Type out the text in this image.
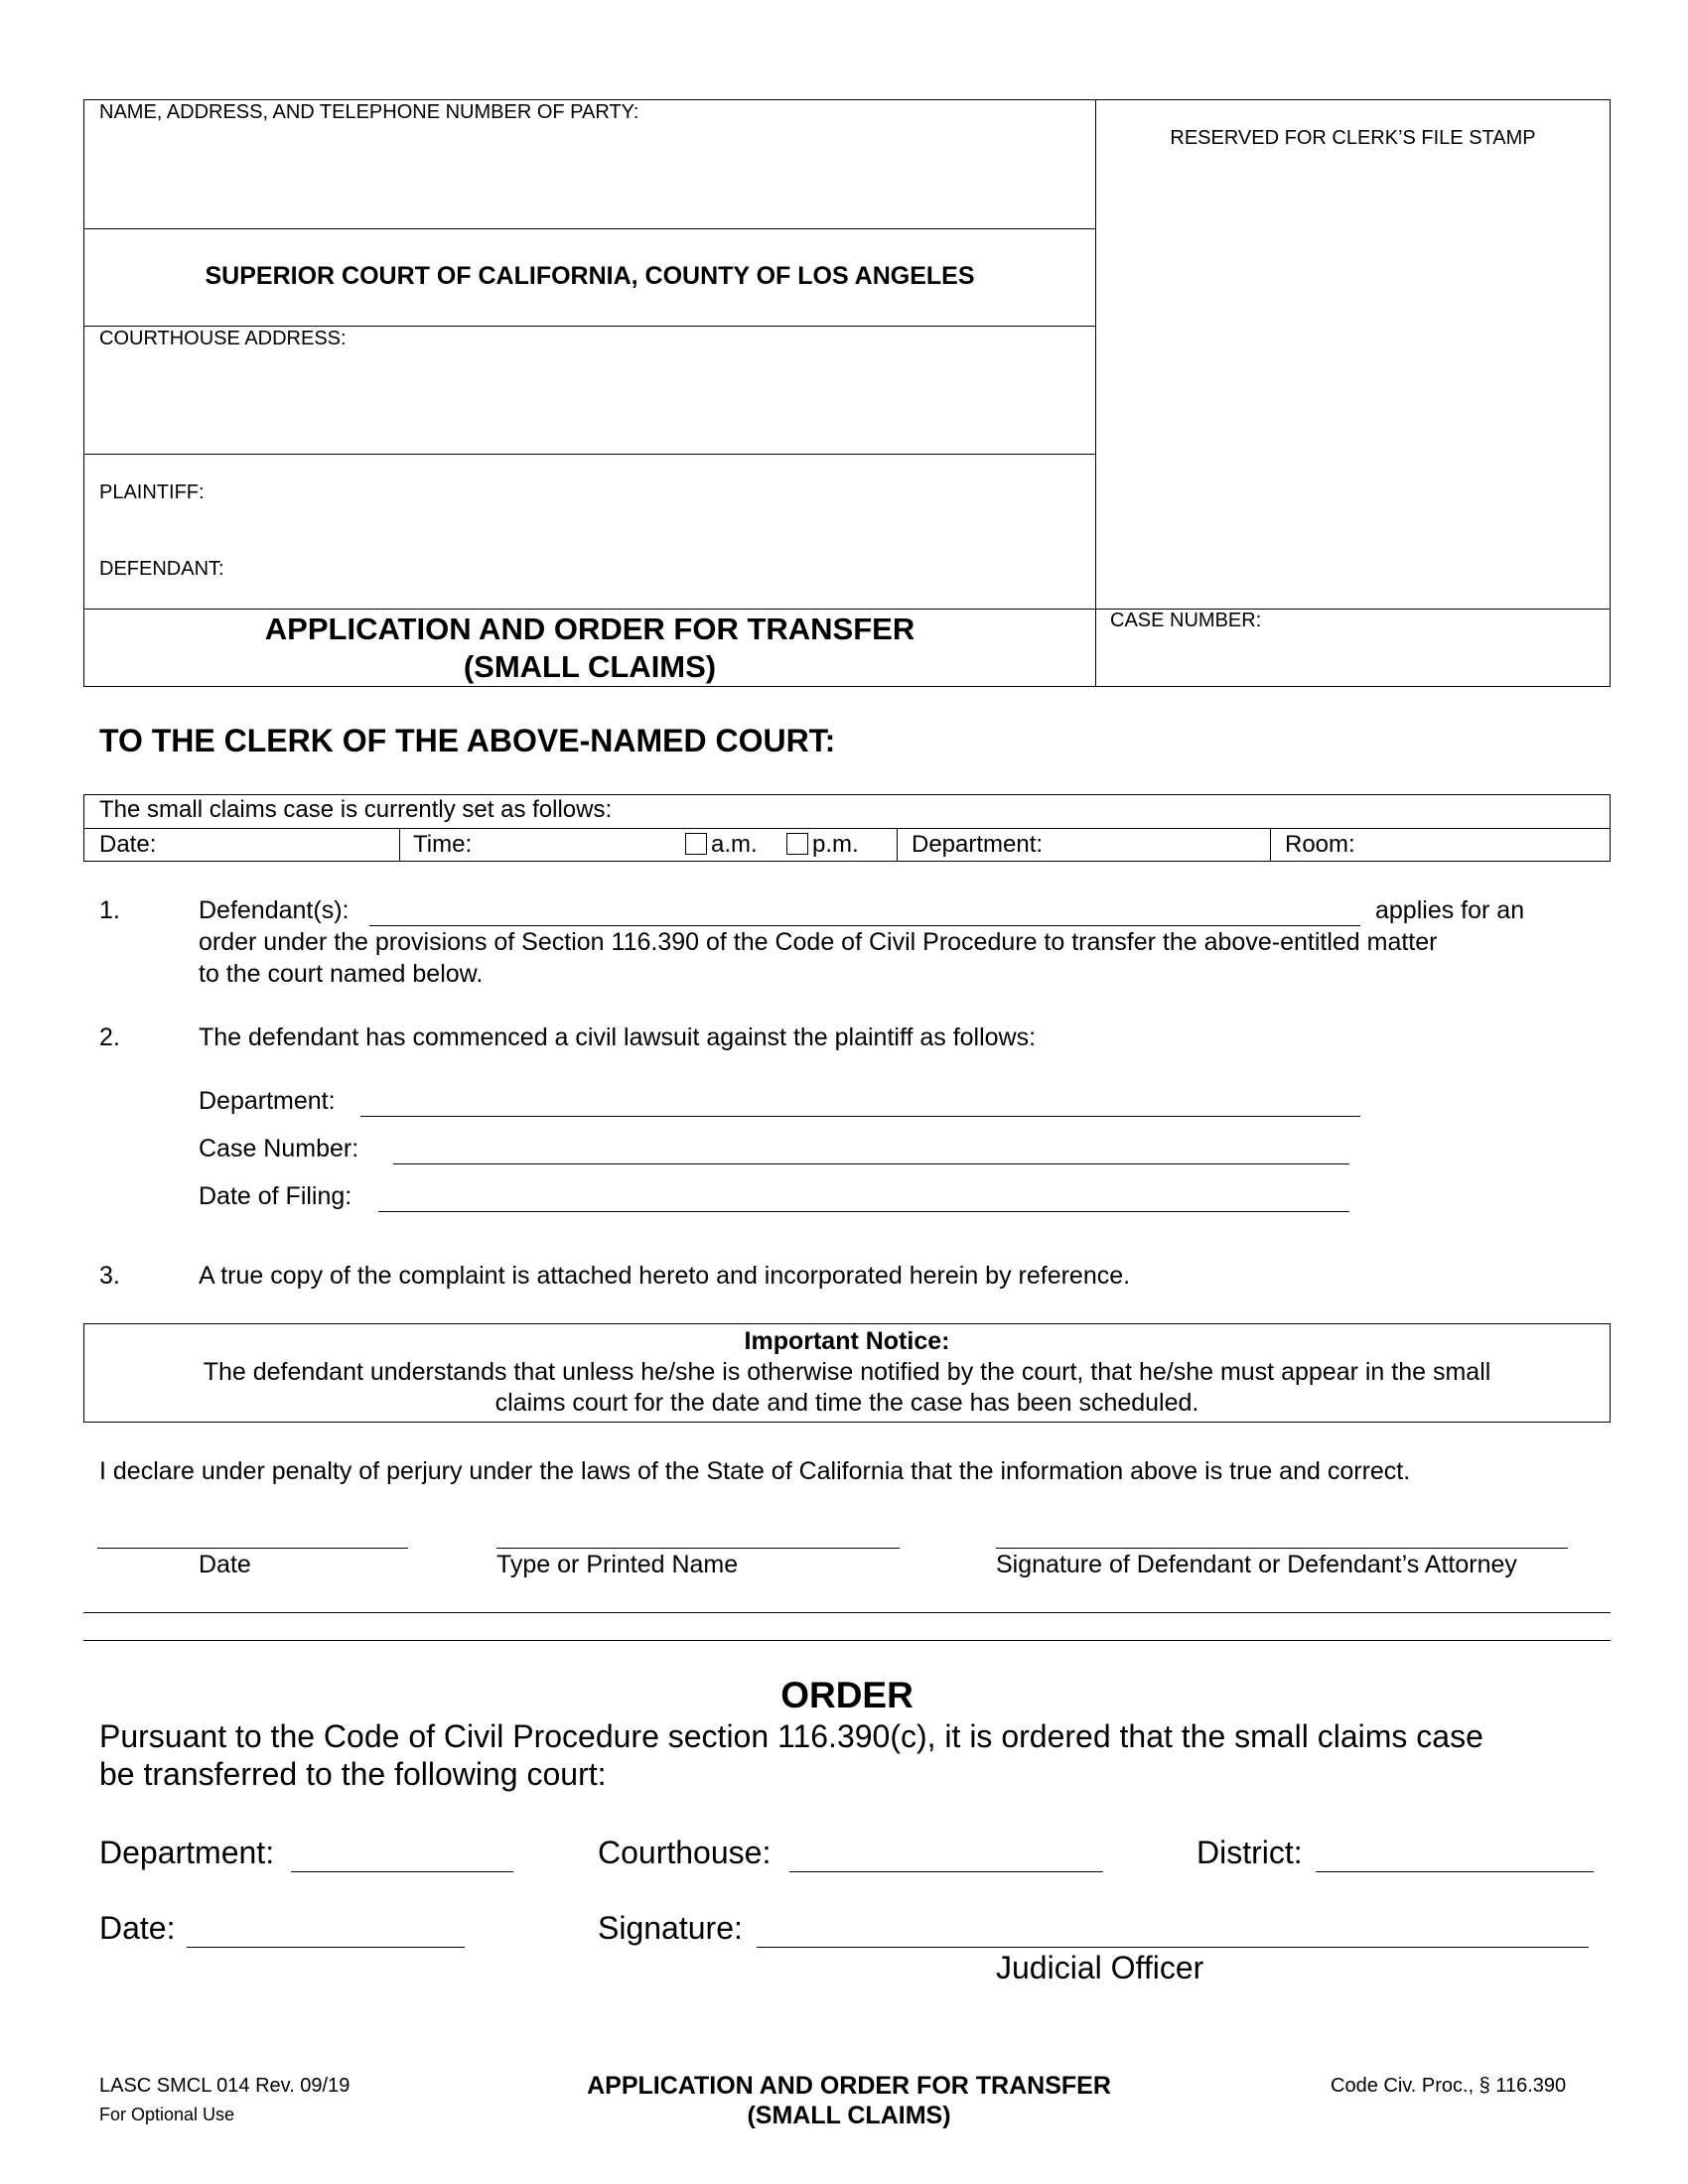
NAME, ADDRESS, AND TELEPHONE NUMBER OF PARTY:
RESERVED FOR CLERK’S FILE STAMP
SUPERIOR COURT OF CALIFORNIA, COUNTY OF LOS ANGELES
COURTHOUSE ADDRESS:
PLAINTIFF:
DEFENDANT:
APPLICATION AND ORDER FOR TRANSFER
(SMALL CLAIMS)
CASE NUMBER:
TO THE CLERK OF THE ABOVE-NAMED COURT:
The small claims case is currently set as follows:
Date:	Time:	a.m.	p.m. Department:	Room:
1.	Defendant(s):	applies for an
order under the provisions of Section 116.390 of the Code of Civil Procedure to transfer the above-entitled matter
to the court named below.
2.	The defendant has commenced a civil lawsuit against the plaintiff as follows:
Department:
Case Number:
Date of Filing:
3.	A true copy of the complaint is attached hereto and incorporated herein by reference.
Important Notice:
The defendant understands that unless he/she is otherwise notified by the court, that he/she must appear in the small
claims court for the date and time the case has been scheduled.
I declare under penalty of perjury under the laws of the State of California that the information above is true and correct.
Date	Type or Printed Name	Signature of Defendant or Defendant’s Attorney
ORDER
Pursuant to the Code of Civil Procedure section 116.390(c), it is ordered that the small claims case
be transferred to the following court:
Department:	Courthouse:	District:
Date:	Signature:
Judicial Officer
LASC SMCL 014 Rev. 09/19
For Optional Use
APPLICATION AND ORDER FOR TRANSFER
(SMALL CLAIMS)
Code Civ. Proc., § 116.390
